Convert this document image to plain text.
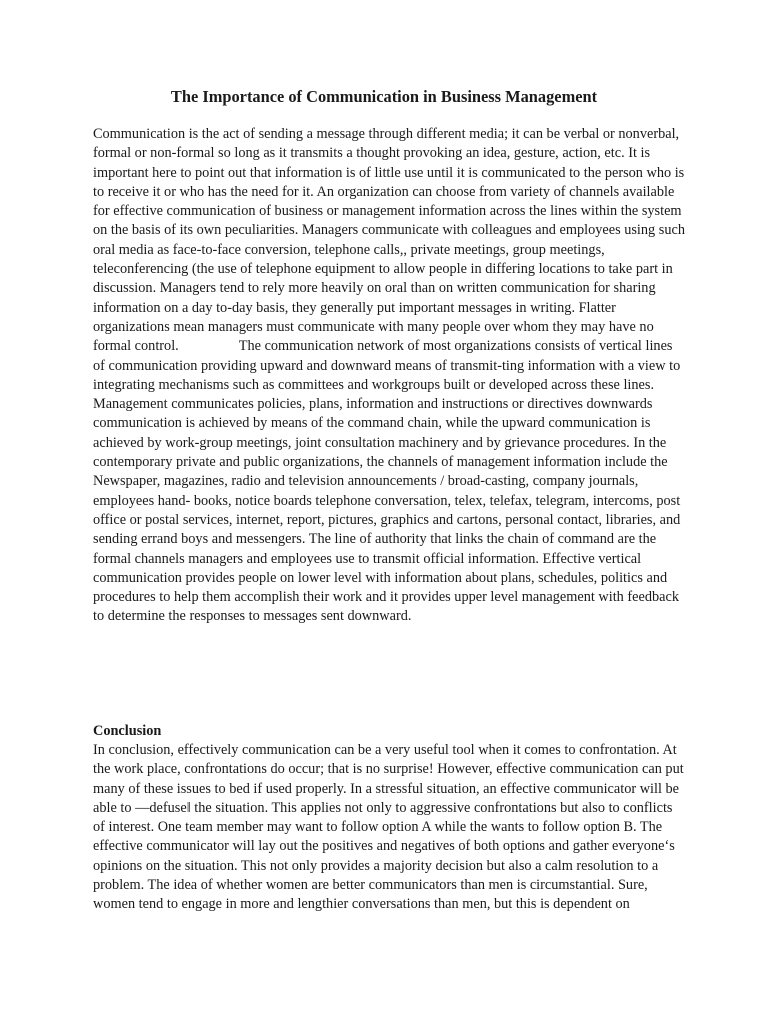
The Importance of Communication in Business Management

Communication is the act of sending a message through different media; it can be verbal or nonverbal, formal or non-formal so long as it transmits a thought provoking an idea, gesture, action, etc. It is important here to point out that information is of little use until it is communicated to the person who is to receive it or who has the need for it. An organization can choose from variety of channels available for effective communication of business or management information across the lines within the system on the basis of its own peculiarities. Managers communicate with colleagues and employees using such oral media as face-to-face conversion, telephone calls,, private meetings, group meetings, teleconferencing (the use of telephone equipment to allow people in differing locations to take part in discussion. Managers tend to rely more heavily on oral than on written communication for sharing information on a day to-day basis, they generally put important messages in writing. Flatter organizations mean managers must communicate with many people over whom they may have no formal control.	The communication network of most organizations consists of vertical lines of communication providing upward and downward means of transmit-ting information with a view to integrating mechanisms such as committees and workgroups built or developed across these lines. Management communicates policies, plans, information and instructions or directives downwards communication is achieved by means of the command chain, while the upward communication is achieved by work-group meetings, joint consultation machinery and by grievance procedures. In the contemporary private and public organizations, the channels of management information include the Newspaper, magazines, radio and television announcements / broad-casting, company journals, employees hand- books, notice boards telephone conversation, telex, telefax, telegram, intercoms, post office or postal services, internet, report, pictures, graphics and cartons, personal contact, libraries, and sending errand boys and messengers. The line of authority that links the chain of command are the formal channels managers and employees use to transmit official information. Effective vertical communication provides people on lower level with information about plans, schedules, politics and procedures to help them accomplish their work and it provides upper level management with feedback to determine the responses to messages sent downward.

Conclusion

In conclusion, effectively communication can be a very useful tool when it comes to confrontation. At the work place, confrontations do occur; that is no surprise! However, effective communication can put many of these issues to bed if used properly. In a stressful situation, an effective communicator will be able to ―defuse‖ the situation. This applies not only to aggressive confrontations but also to conflicts of interest. One team member may want to follow option A while the wants to follow option B. The effective communicator will lay out the positives and negatives of both options and gather everyone‘s opinions on the situation. This not only provides a majority decision but also a calm resolution to a problem. The idea of whether women are better communicators than men is circumstantial. Sure, women tend to engage in more and lengthier conversations than men, but this is dependent on
